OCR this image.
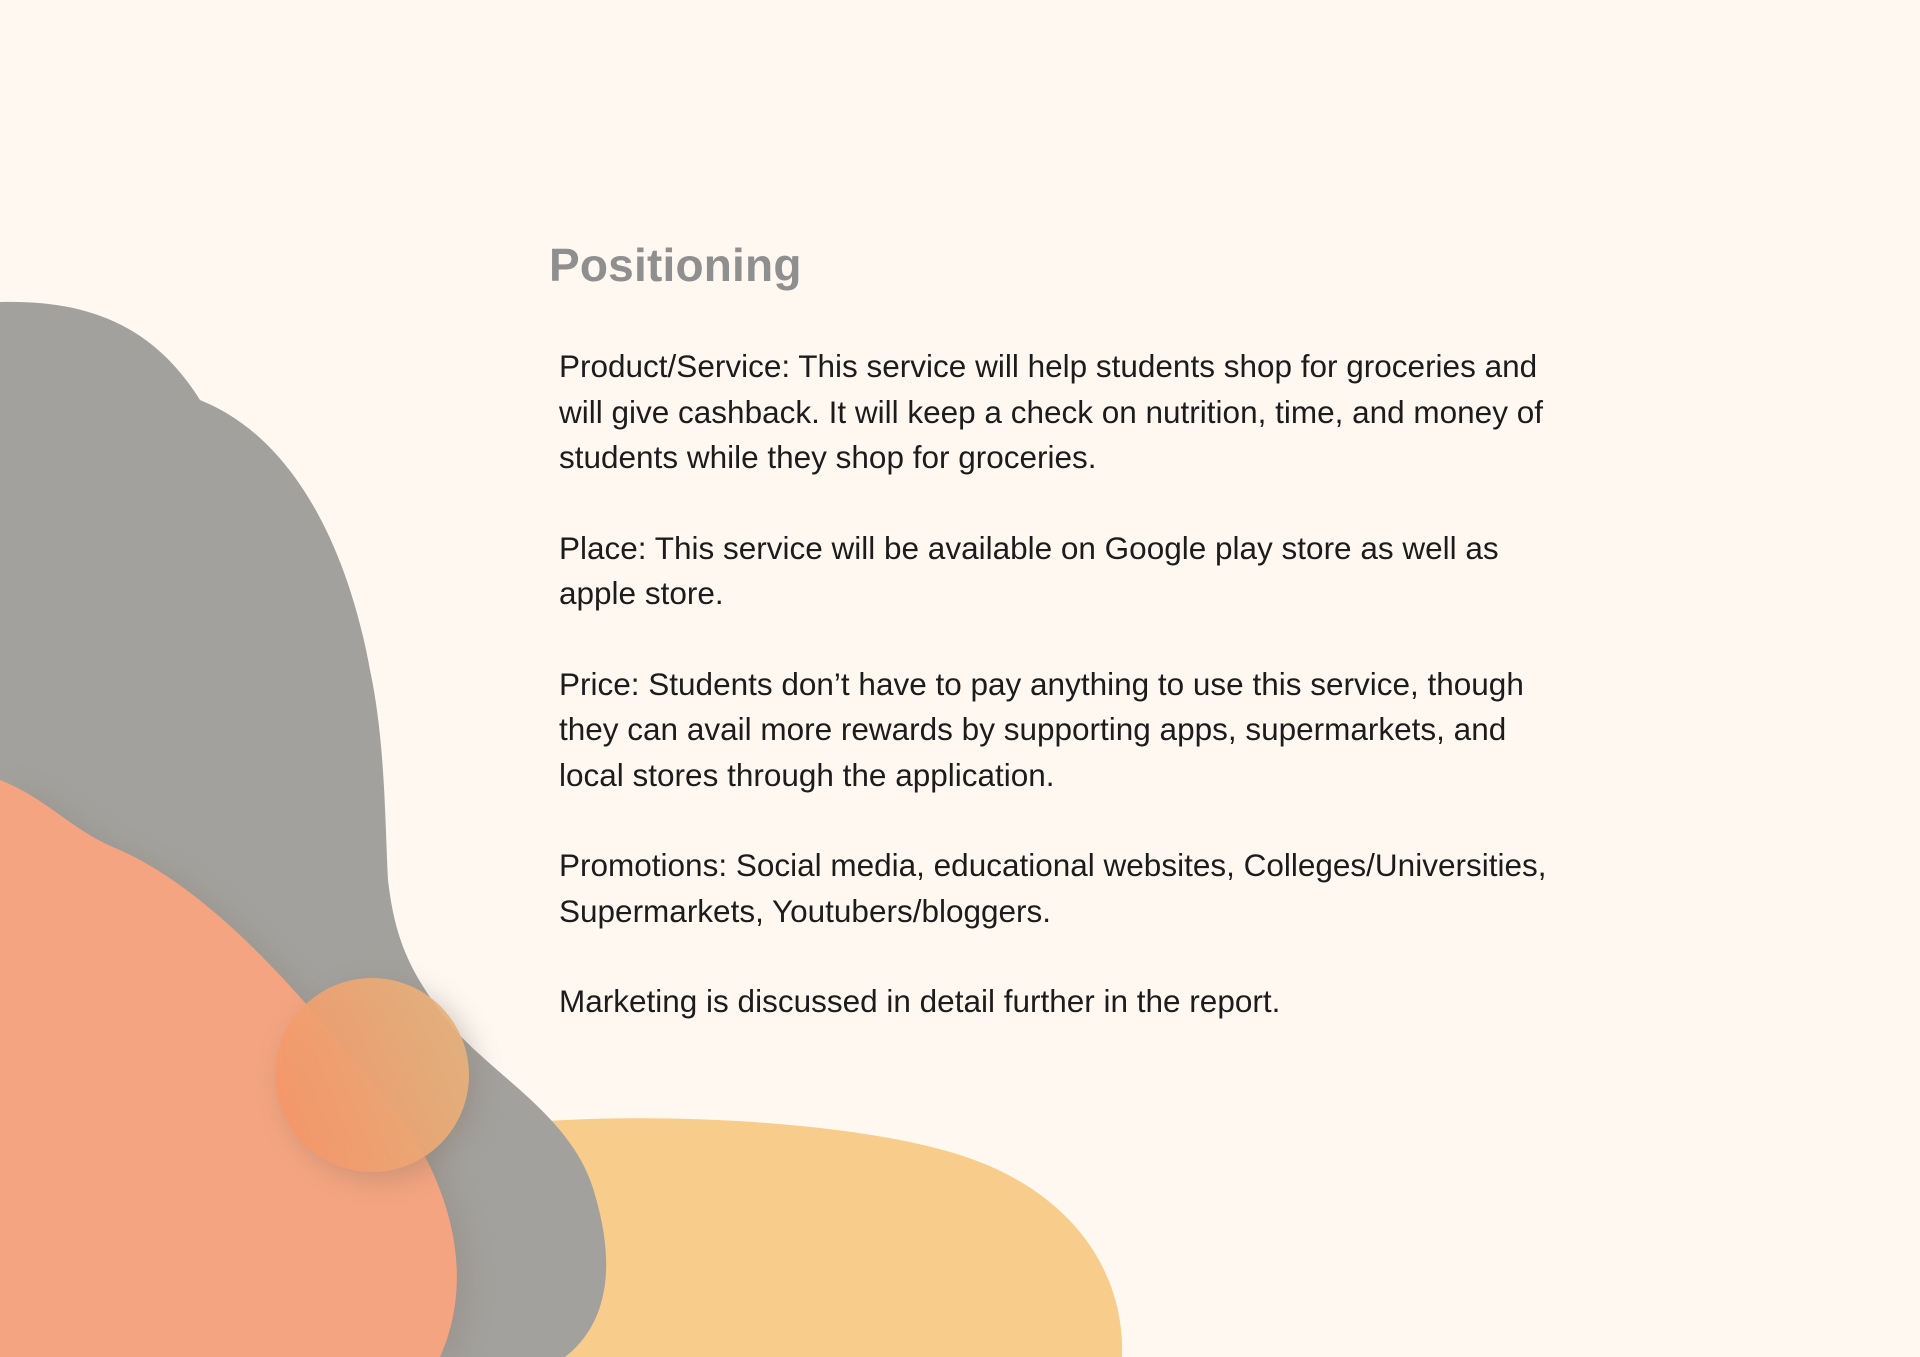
Positioning

Product/Service: This service will help students shop for groceries and
will give cashback. It will keep a check on nutrition, time, and money of
students while they shop for groceries.

Place: This service will be available on Google play store as well as
apple store.

Price: Students don’t have to pay anything to use this service, though
they can avail more rewards by supporting apps, supermarkets, and
local stores through the application.

Promotions: Social media, educational websites, Colleges/Universities,
Supermarkets, Youtubers/bloggers.

Marketing is discussed in detail further in the report.
